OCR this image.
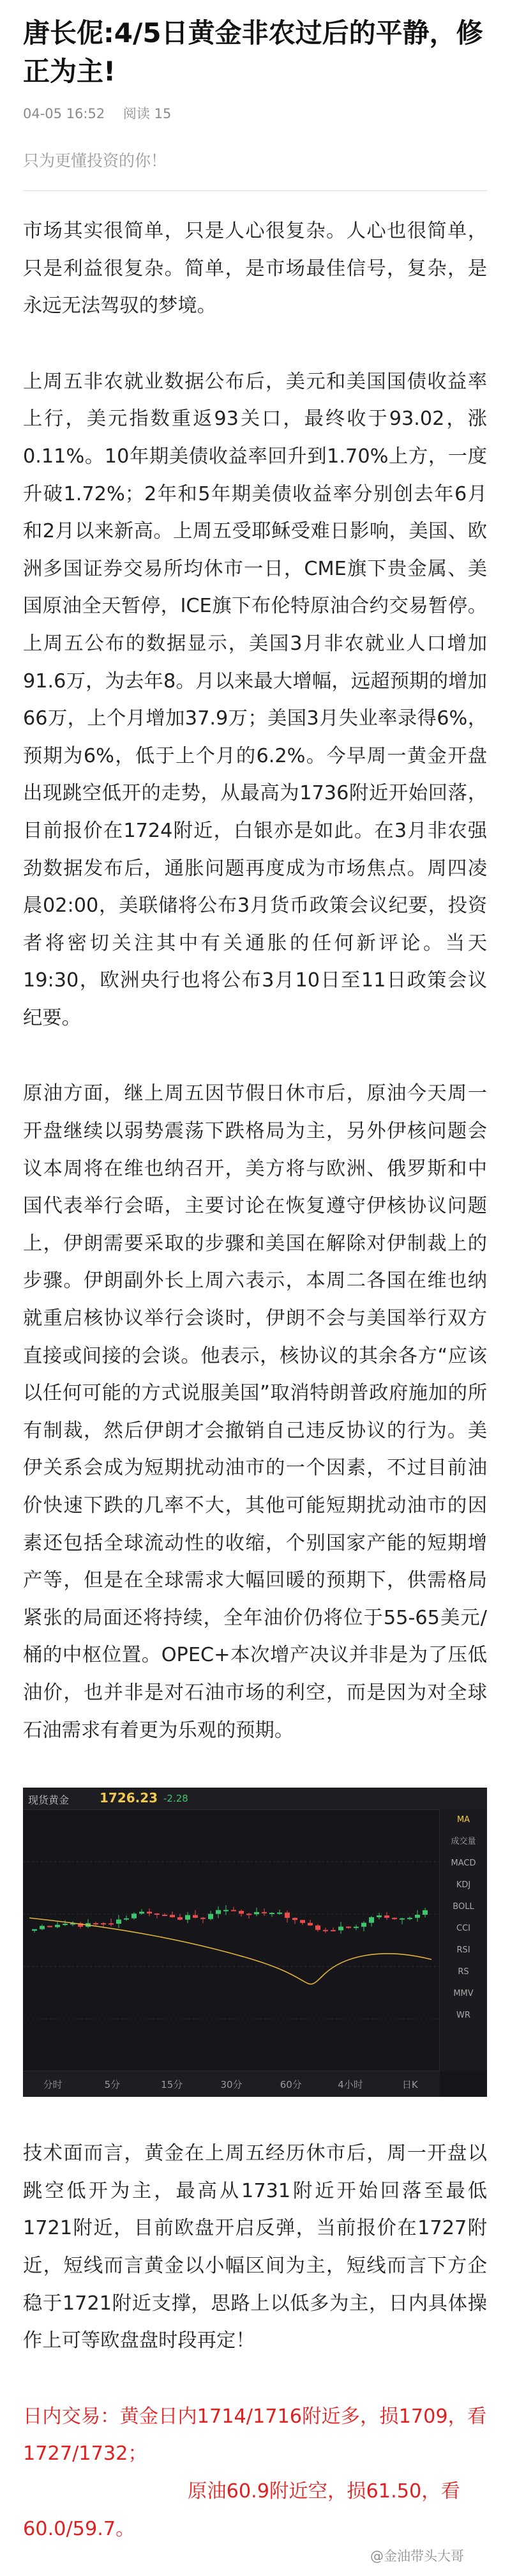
唐长伲:4/5日黄金非农过后的平静，修正为主!
04-05 16:52 阅读 15
只为更懂投资的你！

市场其实很简单，只是人心很复杂。人心也很简单，只是利益很复杂。简单，是市场最佳信号，复杂，是永远无法驾驭的梦境。

上周五非农就业数据公布后，美元和美国国债收益率上行，美元指数重返93关口，最终收于93.02，涨0.11%。10年期美债收益率回升到1.70%上方，一度升破1.72%；2年和5年期美债收益率分别创去年6月和2月以来新高。上周五受耶稣受难日影响，美国、欧洲多国证券交易所均休市一日，CME旗下贵金属、美国原油全天暂停，ICE旗下布伦特原油合约交易暂停。上周五公布的数据显示，美国3月非农就业人口增加91.6万，为去年8。月以来最大增幅，远超预期的增加66万，上个月增加37.9万；美国3月失业率录得6%，预期为6%，低于上个月的6.2%。今早周一黄金开盘出现跳空低开的走势，从最高为1736附近开始回落，目前报价在1724附近，白银亦是如此。在3月非农强劲数据发布后，通胀问题再度成为市场焦点。周四凌晨02:00，美联储将公布3月货币政策会议纪要，投资者将密切关注其中有关通胀的任何新评论。当天19:30，欧洲央行也将公布3月10日至11日政策会议纪要。

原油方面，继上周五因节假日休市后，原油今天周一开盘继续以弱势震荡下跌格局为主，另外伊核问题会议本周将在维也纳召开，美方将与欧洲、俄罗斯和中国代表举行会晤，主要讨论在恢复遵守伊核协议问题上，伊朗需要采取的步骤和美国在解除对伊制裁上的步骤。伊朗副外长上周六表示，本周二各国在维也纳就重启核协议举行会谈时，伊朗不会与美国举行双方直接或间接的会谈。他表示，核协议的其余各方“应该以任何可能的方式说服美国”取消特朗普政府施加的所有制裁，然后伊朗才会撤销自己违反协议的行为。美伊关系会成为短期扰动油市的一个因素，不过目前油价快速下跌的几率不大，其他可能短期扰动油市的因素还包括全球流动性的收缩，个别国家产能的短期增产等，但是在全球需求大幅回暖的预期下，供需格局紧张的局面还将持续，全年油价仍将位于55-65美元/桶的中枢位置。OPEC+本次增产决议并非是为了压低油价，也并非是对石油市场的利空，而是因为对全球石油需求有着更为乐观的预期。

现货黄金 1726.23 -2.28
MA
成交量
MACD
KDJ
BOLL
CCI
RSI
RS
MMV
WR
分时	5分	15分	30分	60分	4小时	日K

技术面而言，黄金在上周五经历休市后，周一开盘以跳空低开为主，最高从1731附近开始回落至最低1721附近，目前欧盘开启反弹，当前报价在1727附近，短线而言黄金以小幅区间为主，短线而言下方企稳于1721附近支撑，思路上以低多为主，日内具体操作上可等欧盘盘时段再定！

日内交易：黄金日内1714/1716附近多，损1709，看1727/1732；

原油60.9附近空，损61.50，看60.0/59.7。

@金油带头大哥
